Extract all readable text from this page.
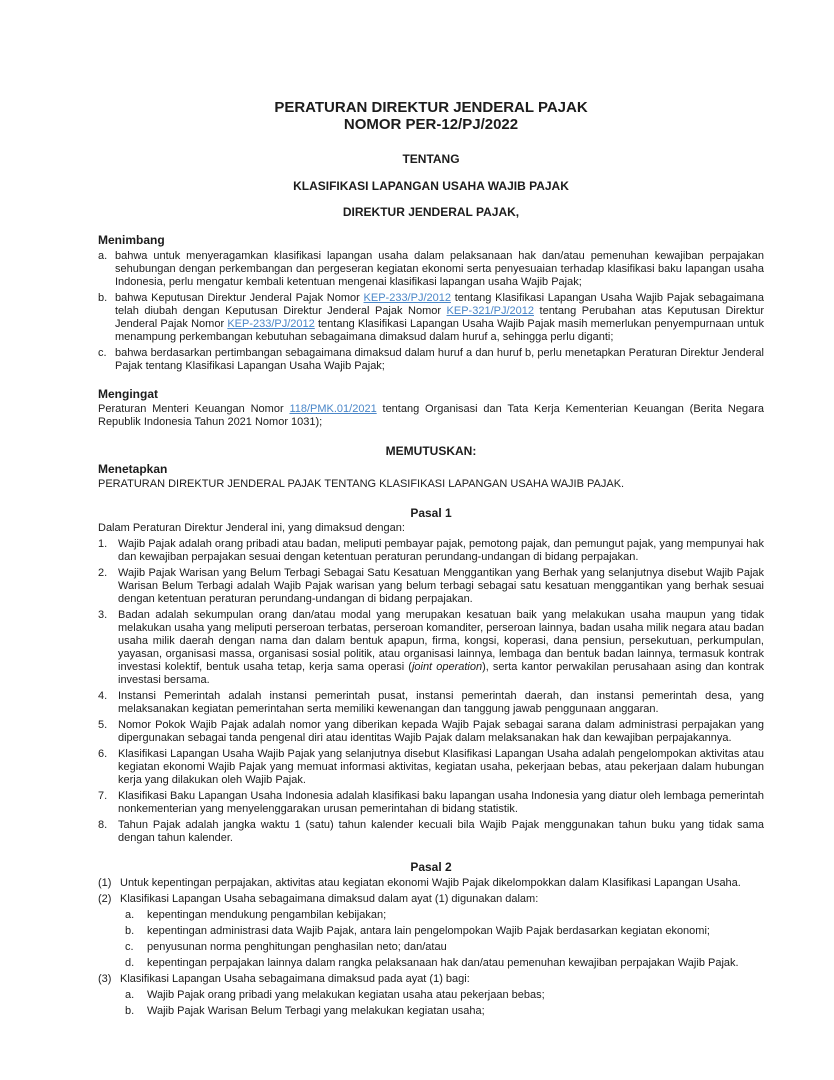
PERATURAN DIREKTUR JENDERAL PAJAK
NOMOR PER-12/PJ/2022
TENTANG
KLASIFIKASI LAPANGAN USAHA WAJIB PAJAK
DIREKTUR JENDERAL PAJAK,
Menimbang
a. bahwa untuk menyeragamkan klasifikasi lapangan usaha dalam pelaksanaan hak dan/atau pemenuhan kewajiban perpajakan sehubungan dengan perkembangan dan pergeseran kegiatan ekonomi serta penyesuaian terhadap klasifikasi baku lapangan usaha Indonesia, perlu mengatur kembali ketentuan mengenai klasifikasi lapangan usaha Wajib Pajak;
b. bahwa Keputusan Direktur Jenderal Pajak Nomor KEP-233/PJ/2012 tentang Klasifikasi Lapangan Usaha Wajib Pajak sebagaimana telah diubah dengan Keputusan Direktur Jenderal Pajak Nomor KEP-321/PJ/2012 tentang Perubahan atas Keputusan Direktur Jenderal Pajak Nomor KEP-233/PJ/2012 tentang Klasifikasi Lapangan Usaha Wajib Pajak masih memerlukan penyempurnaan untuk menampung perkembangan kebutuhan sebagaimana dimaksud dalam huruf a, sehingga perlu diganti;
c. bahwa berdasarkan pertimbangan sebagaimana dimaksud dalam huruf a dan huruf b, perlu menetapkan Peraturan Direktur Jenderal Pajak tentang Klasifikasi Lapangan Usaha Wajib Pajak;
Mengingat

Peraturan Menteri Keuangan Nomor 118/PMK.01/2021 tentang Organisasi dan Tata Kerja Kementerian Keuangan (Berita Negara Republik Indonesia Tahun 2021 Nomor 1031);

MEMUTUSKAN:
Menetapkan

PERATURAN DIREKTUR JENDERAL PAJAK TENTANG KLASIFIKASI LAPANGAN USAHA WAJIB PAJAK.

Pasal 1

Dalam Peraturan Direktur Jenderal ini, yang dimaksud dengan:

1. Wajib Pajak adalah orang pribadi atau badan, meliputi pembayar pajak, pemotong pajak, dan pemungut pajak, yang mempunyai hak dan kewajiban perpajakan sesuai dengan ketentuan peraturan perundang-undangan di bidang perpajakan.
2. Wajib Pajak Warisan yang Belum Terbagi Sebagai Satu Kesatuan Menggantikan yang Berhak yang selanjutnya disebut Wajib Pajak Warisan Belum Terbagi adalah Wajib Pajak warisan yang belum terbagi sebagai satu kesatuan menggantikan yang berhak sesuai dengan ketentuan peraturan perundang-undangan di bidang perpajakan.
3. Badan adalah sekumpulan orang dan/atau modal yang merupakan kesatuan baik yang melakukan usaha maupun yang tidak melakukan usaha yang meliputi perseroan terbatas, perseroan komanditer, perseroan lainnya, badan usaha milik negara atau badan usaha milik daerah dengan nama dan dalam bentuk apapun, firma, kongsi, koperasi, dana pensiun, persekutuan, perkumpulan, yayasan, organisasi massa, organisasi sosial politik, atau organisasi lainnya, lembaga dan bentuk badan lainnya, termasuk kontrak investasi kolektif, bentuk usaha tetap, kerja sama operasi (joint operation), serta kantor perwakilan perusahaan asing dan kontrak investasi bersama.
4. Instansi Pemerintah adalah instansi pemerintah pusat, instansi pemerintah daerah, dan instansi pemerintah desa, yang melaksanakan kegiatan pemerintahan serta memiliki kewenangan dan tanggung jawab penggunaan anggaran.
5. Nomor Pokok Wajib Pajak adalah nomor yang diberikan kepada Wajib Pajak sebagai sarana dalam administrasi perpajakan yang dipergunakan sebagai tanda pengenal diri atau identitas Wajib Pajak dalam melaksanakan hak dan kewajiban perpajakannya.
6. Klasifikasi Lapangan Usaha Wajib Pajak yang selanjutnya disebut Klasifikasi Lapangan Usaha adalah pengelompokan aktivitas atau kegiatan ekonomi Wajib Pajak yang memuat informasi aktivitas, kegiatan usaha, pekerjaan bebas, atau pekerjaan dalam hubungan kerja yang dilakukan oleh Wajib Pajak.
7. Klasifikasi Baku Lapangan Usaha Indonesia adalah klasifikasi baku lapangan usaha Indonesia yang diatur oleh lembaga pemerintah nonkementerian yang menyelenggarakan urusan pemerintahan di bidang statistik.
8. Tahun Pajak adalah jangka waktu 1 (satu) tahun kalender kecuali bila Wajib Pajak menggunakan tahun buku yang tidak sama dengan tahun kalender.
Pasal 2
(1) Untuk kepentingan perpajakan, aktivitas atau kegiatan ekonomi Wajib Pajak dikelompokkan dalam Klasifikasi Lapangan Usaha.
(2) Klasifikasi Lapangan Usaha sebagaimana dimaksud dalam ayat (1) digunakan dalam:
a.	kepentingan mendukung pengambilan kebijakan;
b.	kepentingan administrasi data Wajib Pajak, antara lain pengelompokan Wajib Pajak berdasarkan kegiatan ekonomi;
c.	penyusunan norma penghitungan penghasilan neto; dan/atau
d.	kepentingan perpajakan lainnya dalam rangka pelaksanaan hak dan/atau pemenuhan kewajiban perpajakan Wajib Pajak.
(3) Klasifikasi Lapangan Usaha sebagaimana dimaksud pada ayat (1) bagi:
a.	Wajib Pajak orang pribadi yang melakukan kegiatan usaha atau pekerjaan bebas;
b.	Wajib Pajak Warisan Belum Terbagi yang melakukan kegiatan usaha;
